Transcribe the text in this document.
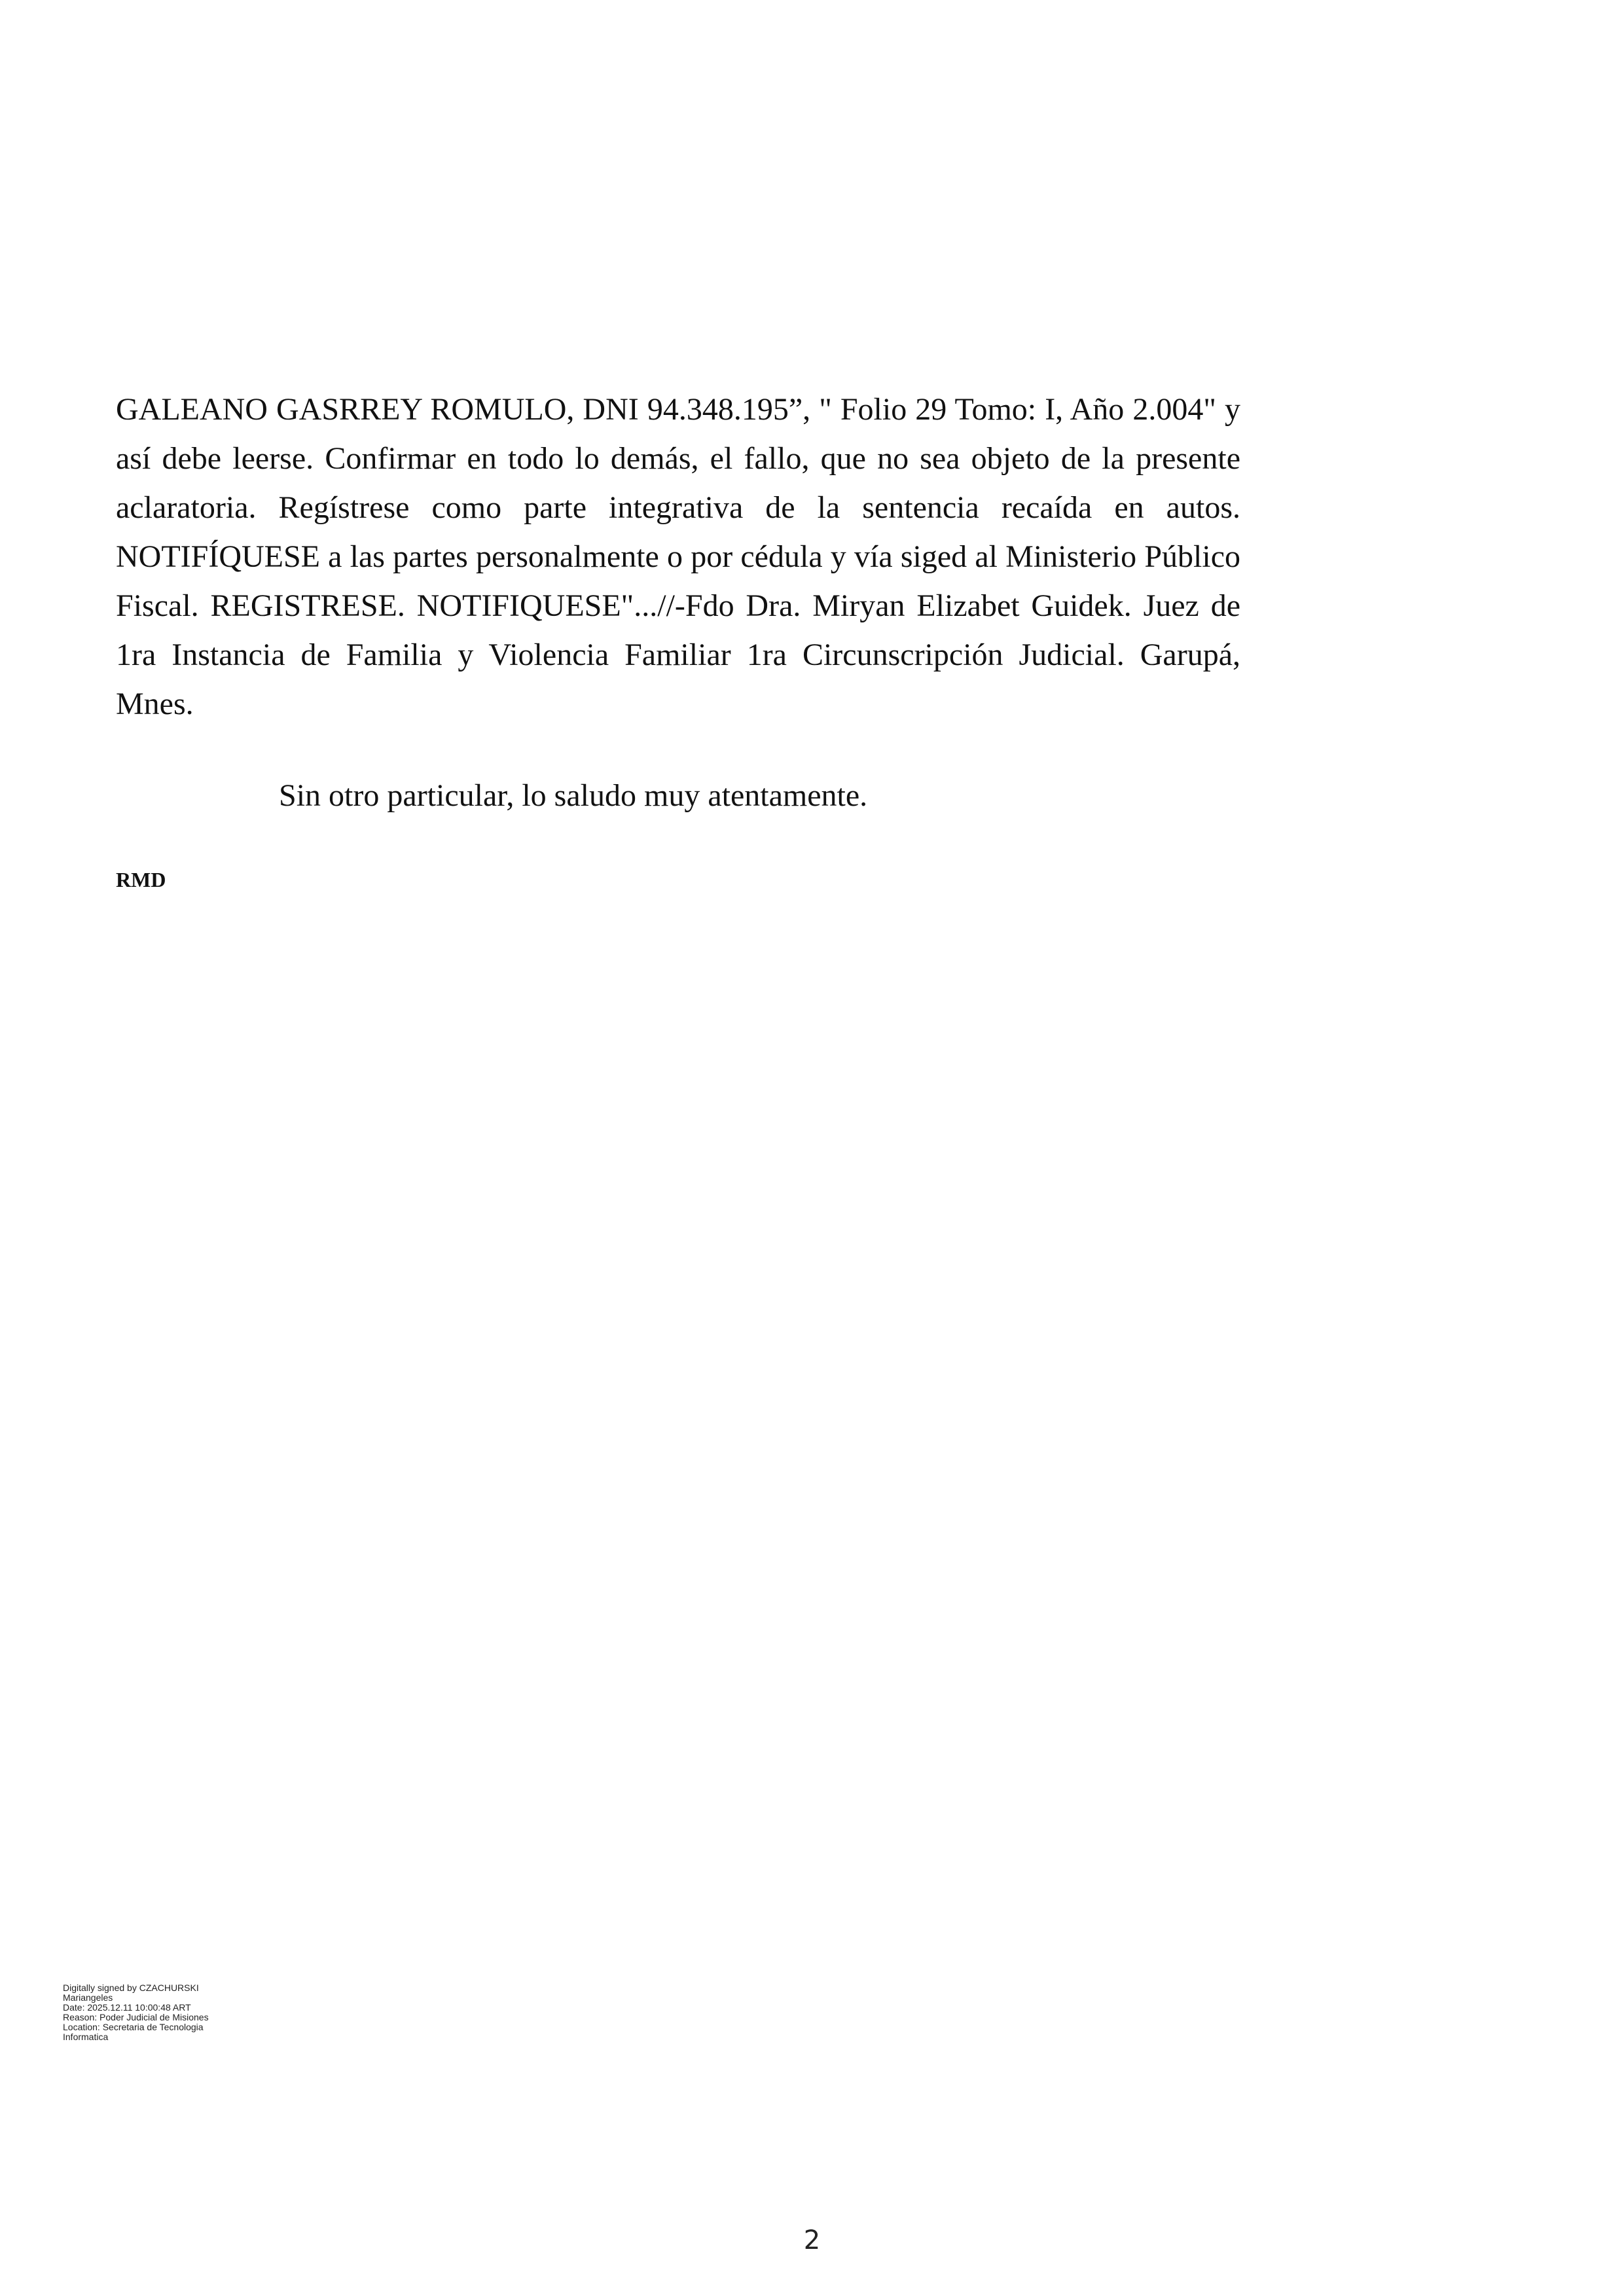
GALEANO GASRREY ROMULO, DNI 94.348.195”, " Folio 29 Tomo: I, Año 2.004" y así debe leerse. Confirmar en todo lo demás, el fallo, que no sea objeto de la presente aclaratoria. Regístrese como parte integrativa de la sentencia recaída en autos. NOTIFÍQUESE a las partes personalmente o por cédula y vía siged al Ministerio Público Fiscal. REGISTRESE. NOTIFIQUESE"...//-Fdo Dra. Miryan Elizabet Guidek. Juez de 1ra Instancia de Familia y Violencia Familiar 1ra Circunscripción Judicial. Garupá, Mnes.

Sin otro particular, lo saludo muy atentamente.

RMD

Digitally signed by CZACHURSKI
Mariangeles
Date: 2025.12.11 10:00:48 ART
Reason: Poder Judicial de Misiones
Location: Secretaria de Tecnologia
Informatica
2
